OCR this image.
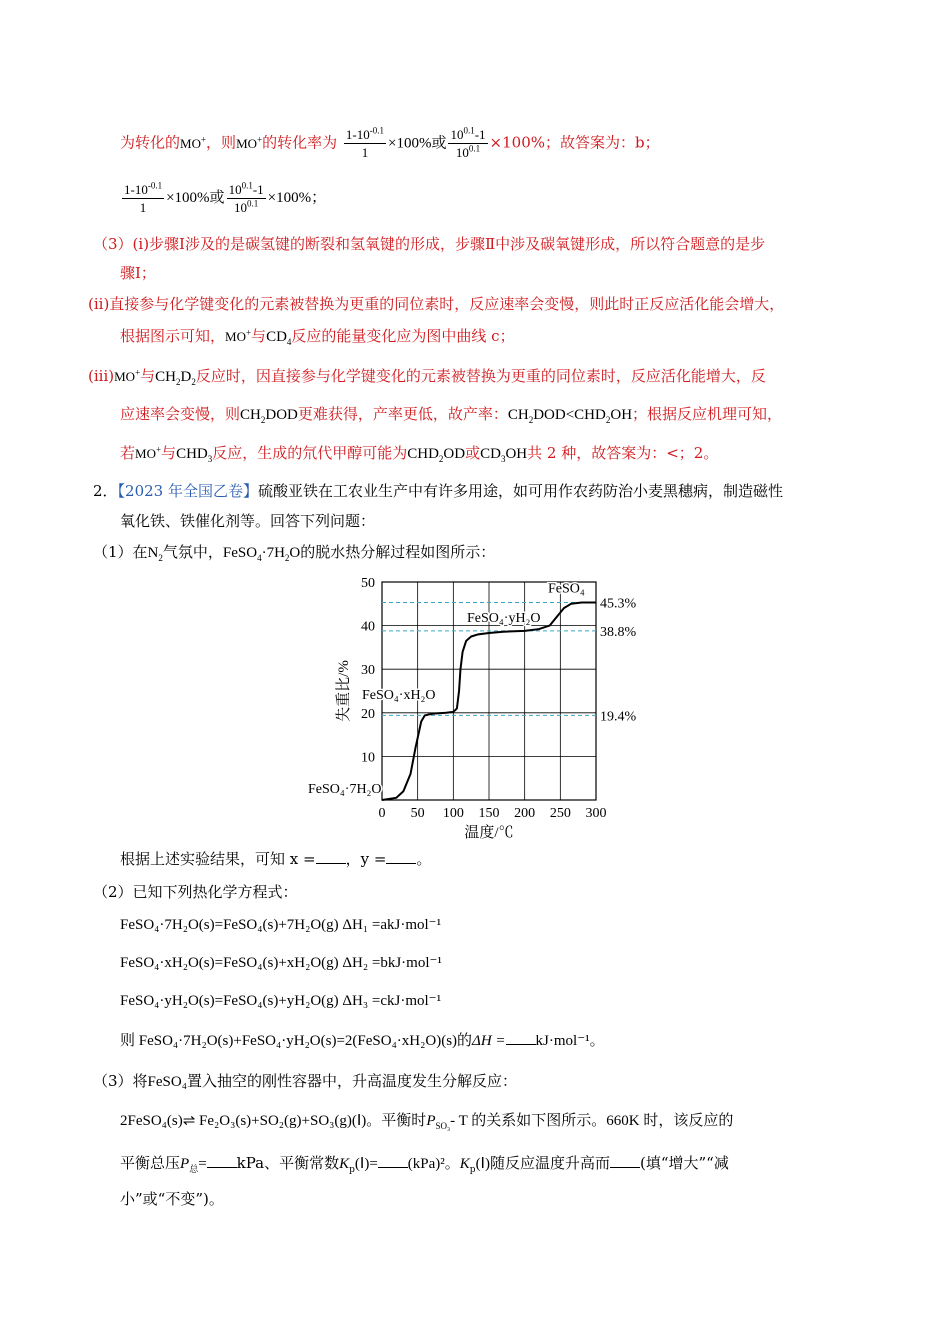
为转化的MO+，则MO+的转化率为 $\frac{1-10^{-0.1}}{1} \times 100\%$或 $\frac{10^{0.1}-1}{10^{0.1}} \times 100\%$；故答案为：b；
$\frac{1-10^{-0.1}}{1} \times 100\%$或 $\frac{10^{0.1}-1}{10^{0.1}} \times 100\%$；
（3）(i)步骤Ⅰ涉及的是碳氢键的断裂和氢氧键的形成，步骤Ⅱ中涉及碳氧键形成，所以符合题意的是步
骤Ⅰ；
(ii)直接参与化学键变化的元素被替换为更重的同位素时，反应速率会变慢，则此时正反应活化能会增大，
根据图示可知，MO+与$CD_4$反应的能量变化应为图中曲线 c；
(iii)MO+与$CH_2D_2$反应时，因直接参与化学键变化的元素被替换为更重的同位素时，反应活化能增大，反
应速率会变慢，则$CH_2DOD$更难获得，产率更低，故产率：$CH_2DOD<CHD_2OH$；根据反应机理可知，
若MO+与$CHD_3$反应，生成的氘代甲醇可能为$CHD_2OD$或$CD_3OH$共 2 种，故答案为：<；2。
2．【2023 年全国乙卷】硫酸亚铁在工农业生产中有许多用途，如可用作农药防治小麦黑穗病，制造磁性
氧化铁、铁催化剂等。回答下列问题：
（1）在$N_2$气氛中，$FeSO_4\cdot 7H_2O$的脱水热分解过程如图所示：
45.3%
38.8%
19.4%
0 50 100 150 200 250 300
10
20
30
40
50
温度/℃
失重比/%
FeSO₄
FeSO₄·yH₂O
FeSO₄·xH₂O
FeSO₄·7H₂O
根据上述实验结果，可知 x = ，y = 。
（2）已知下列热化学方程式：
FeSO₄·7H₂O(s)=FeSO₄(s)+7H₂O(g) ΔH₁ =akJ·mol⁻¹
FeSO₄·xH₂O(s)=FeSO₄(s)+xH₂O(g) ΔH₂ =bkJ·mol⁻¹
FeSO₄·yH₂O(s)=FeSO₄(s)+yH₂O(g) ΔH₃ =ckJ·mol⁻¹
则 FeSO₄·7H₂O(s)+FeSO₄·yH₂O(s)=2(FeSO₄·xH₂O)(s)的ΔH = kJ·mol⁻¹。
（3）将FeSO₄置入抽空的刚性容器中，升高温度发生分解反应：
2FeSO₄(s)⇌ Fe₂O₃(s)+SO₂(g)+SO₃(g)(Ⅰ)。平衡时$P_{SO_3}-$ T 的关系如下图所示。660K 时，该反应的
平衡总压$P_总=$ kPa、平衡常数$K_p(Ⅰ)= (kPa)^2$。$K_p(Ⅰ)$随反应温度升高而 (填“增大”“减
小”或“不变”)。
